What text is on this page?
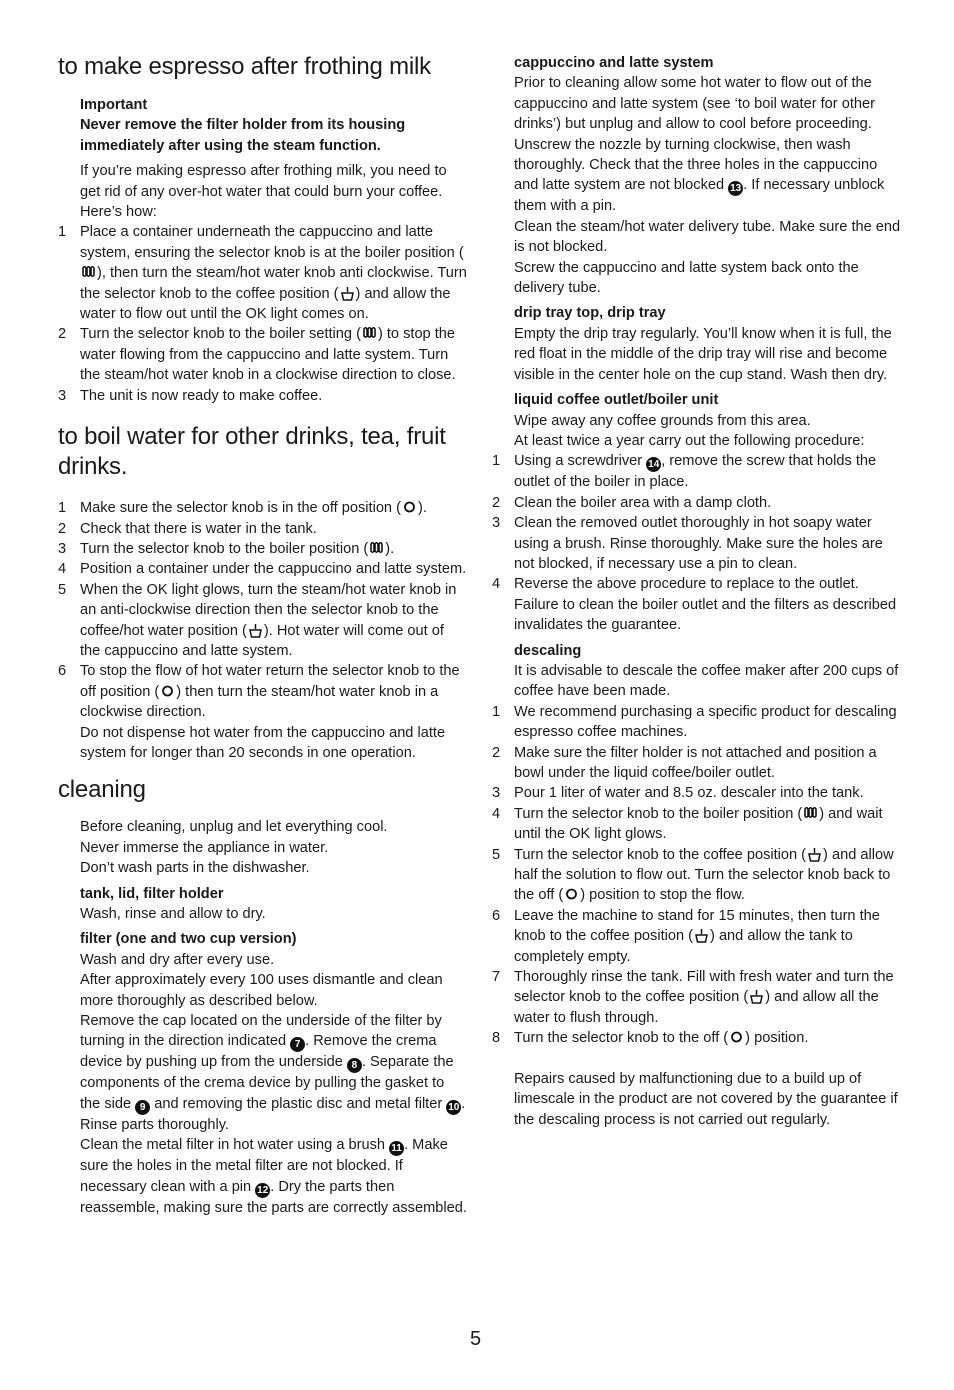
to make espresso after frothing milk
Important
Never remove the filter holder from its housing immediately after using the steam function.

If you’re making espresso after frothing milk, you need to get rid of any over-hot water that could burn your coffee. Here’s how:

1 Place a container underneath the cappuccino and latte system, ensuring the selector knob is at the boiler position (), then turn the steam/hot water knob anti clockwise. Turn the selector knob to the coffee position ( ) and allow the water to flow out until the OK light comes on.
2 Turn the selector knob to the boiler setting ( ) to stop the water flowing from the cappuccino and latte system. Turn the steam/hot water knob in a clockwise direction to close.
3 The unit is now ready to make coffee.
to boil water for other drinks, tea, fruit drinks.
1 Make sure the selector knob is in the off position ( ).
2 Check that there is water in the tank.
3 Turn the selector knob to the boiler position ( ).
4 Position a container under the cappuccino and latte system.
5 When the OK light glows, turn the steam/hot water knob in an anti-clockwise direction then the selector knob to the coffee/hot water position ( ). Hot water will come out of the cappuccino and latte system.
6 To stop the flow of hot water return the selector knob to the off position ( ) then turn the steam/hot water knob in a clockwise direction.

Do not dispense hot water from the cappuccino and latte system for longer than 20 seconds in one operation.

cleaning

Before cleaning, unplug and let everything cool.

Never immerse the appliance in water.

Don’t wash parts in the dishwasher.

tank, lid, filter holder

Wash, rinse and allow to dry.

filter (one and two cup version)

Wash and dry after every use.

After approximately every 100 uses dismantle and clean more thoroughly as described below.

Remove the cap located on the underside of the filter by turning in the direction indicated 7 . Remove the crema device by pushing up from the underside 8 . Separate the components of the crema device by pulling the gasket to the side 9 and removing the plastic disc and metal filter 10 . Rinse parts thoroughly.

Clean the metal filter in hot water using a brush 11 . Make sure the holes in the metal filter are not blocked. If necessary clean with a pin 12 . Dry the parts then reassemble, making sure the parts are correctly assembled.

cappuccino and latte system

Prior to cleaning allow some hot water to flow out of the cappuccino and latte system (see ‘to boil water for other drinks’) but unplug and allow to cool before proceeding. Unscrew the nozzle by turning clockwise, then wash thoroughly. Check that the three holes in the cappuccino and latte system are not blocked 13 . If necessary unblock them with a pin.

Clean the steam/hot water delivery tube. Make sure the end is not blocked.

Screw the cappuccino and latte system back onto the delivery tube.

drip tray top, drip tray

Empty the drip tray regularly. You’ll know when it is full, the red float in the middle of the drip tray will rise and become visible in the center hole on the cup stand. Wash then dry.

liquid coffee outlet/boiler unit

Wipe away any coffee grounds from this area.

At least twice a year carry out the following procedure:

1 Using a screwdriver 14 , remove the screw that holds the outlet of the boiler in place.
2 Clean the boiler area with a damp cloth.
3 Clean the removed outlet thoroughly in hot soapy water using a brush. Rinse thoroughly. Make sure the holes are not blocked, if necessary use a pin to clean.
4 Reverse the above procedure to replace to the outlet.

Failure to clean the boiler outlet and the filters as described invalidates the guarantee.

descaling

It is advisable to descale the coffee maker after 200 cups of coffee have been made.

1 We recommend purchasing a specific product for descaling espresso coffee machines.
2 Make sure the filter holder is not attached and position a bowl under the liquid coffee/boiler outlet.
3 Pour 1 liter of water and 8.5 oz. descaler into the tank.
4 Turn the selector knob to the boiler position ( ) and wait until the OK light glows.
5 Turn the selector knob to the coffee position ( ) and allow half the solution to flow out. Turn the selector knob back to the off ( ) position to stop the flow.
6 Leave the machine to stand for 15 minutes, then turn the knob to the coffee position ( ) and allow the tank to completely empty.
7 Thoroughly rinse the tank. Fill with fresh water and turn the selector knob to the coffee position ( ) and allow all the water to flush through.
8 Turn the selector knob to the off ( ) position.

Repairs caused by malfunctioning due to a build up of limescale in the product are not covered by the guarantee if the descaling process is not carried out regularly.

5
